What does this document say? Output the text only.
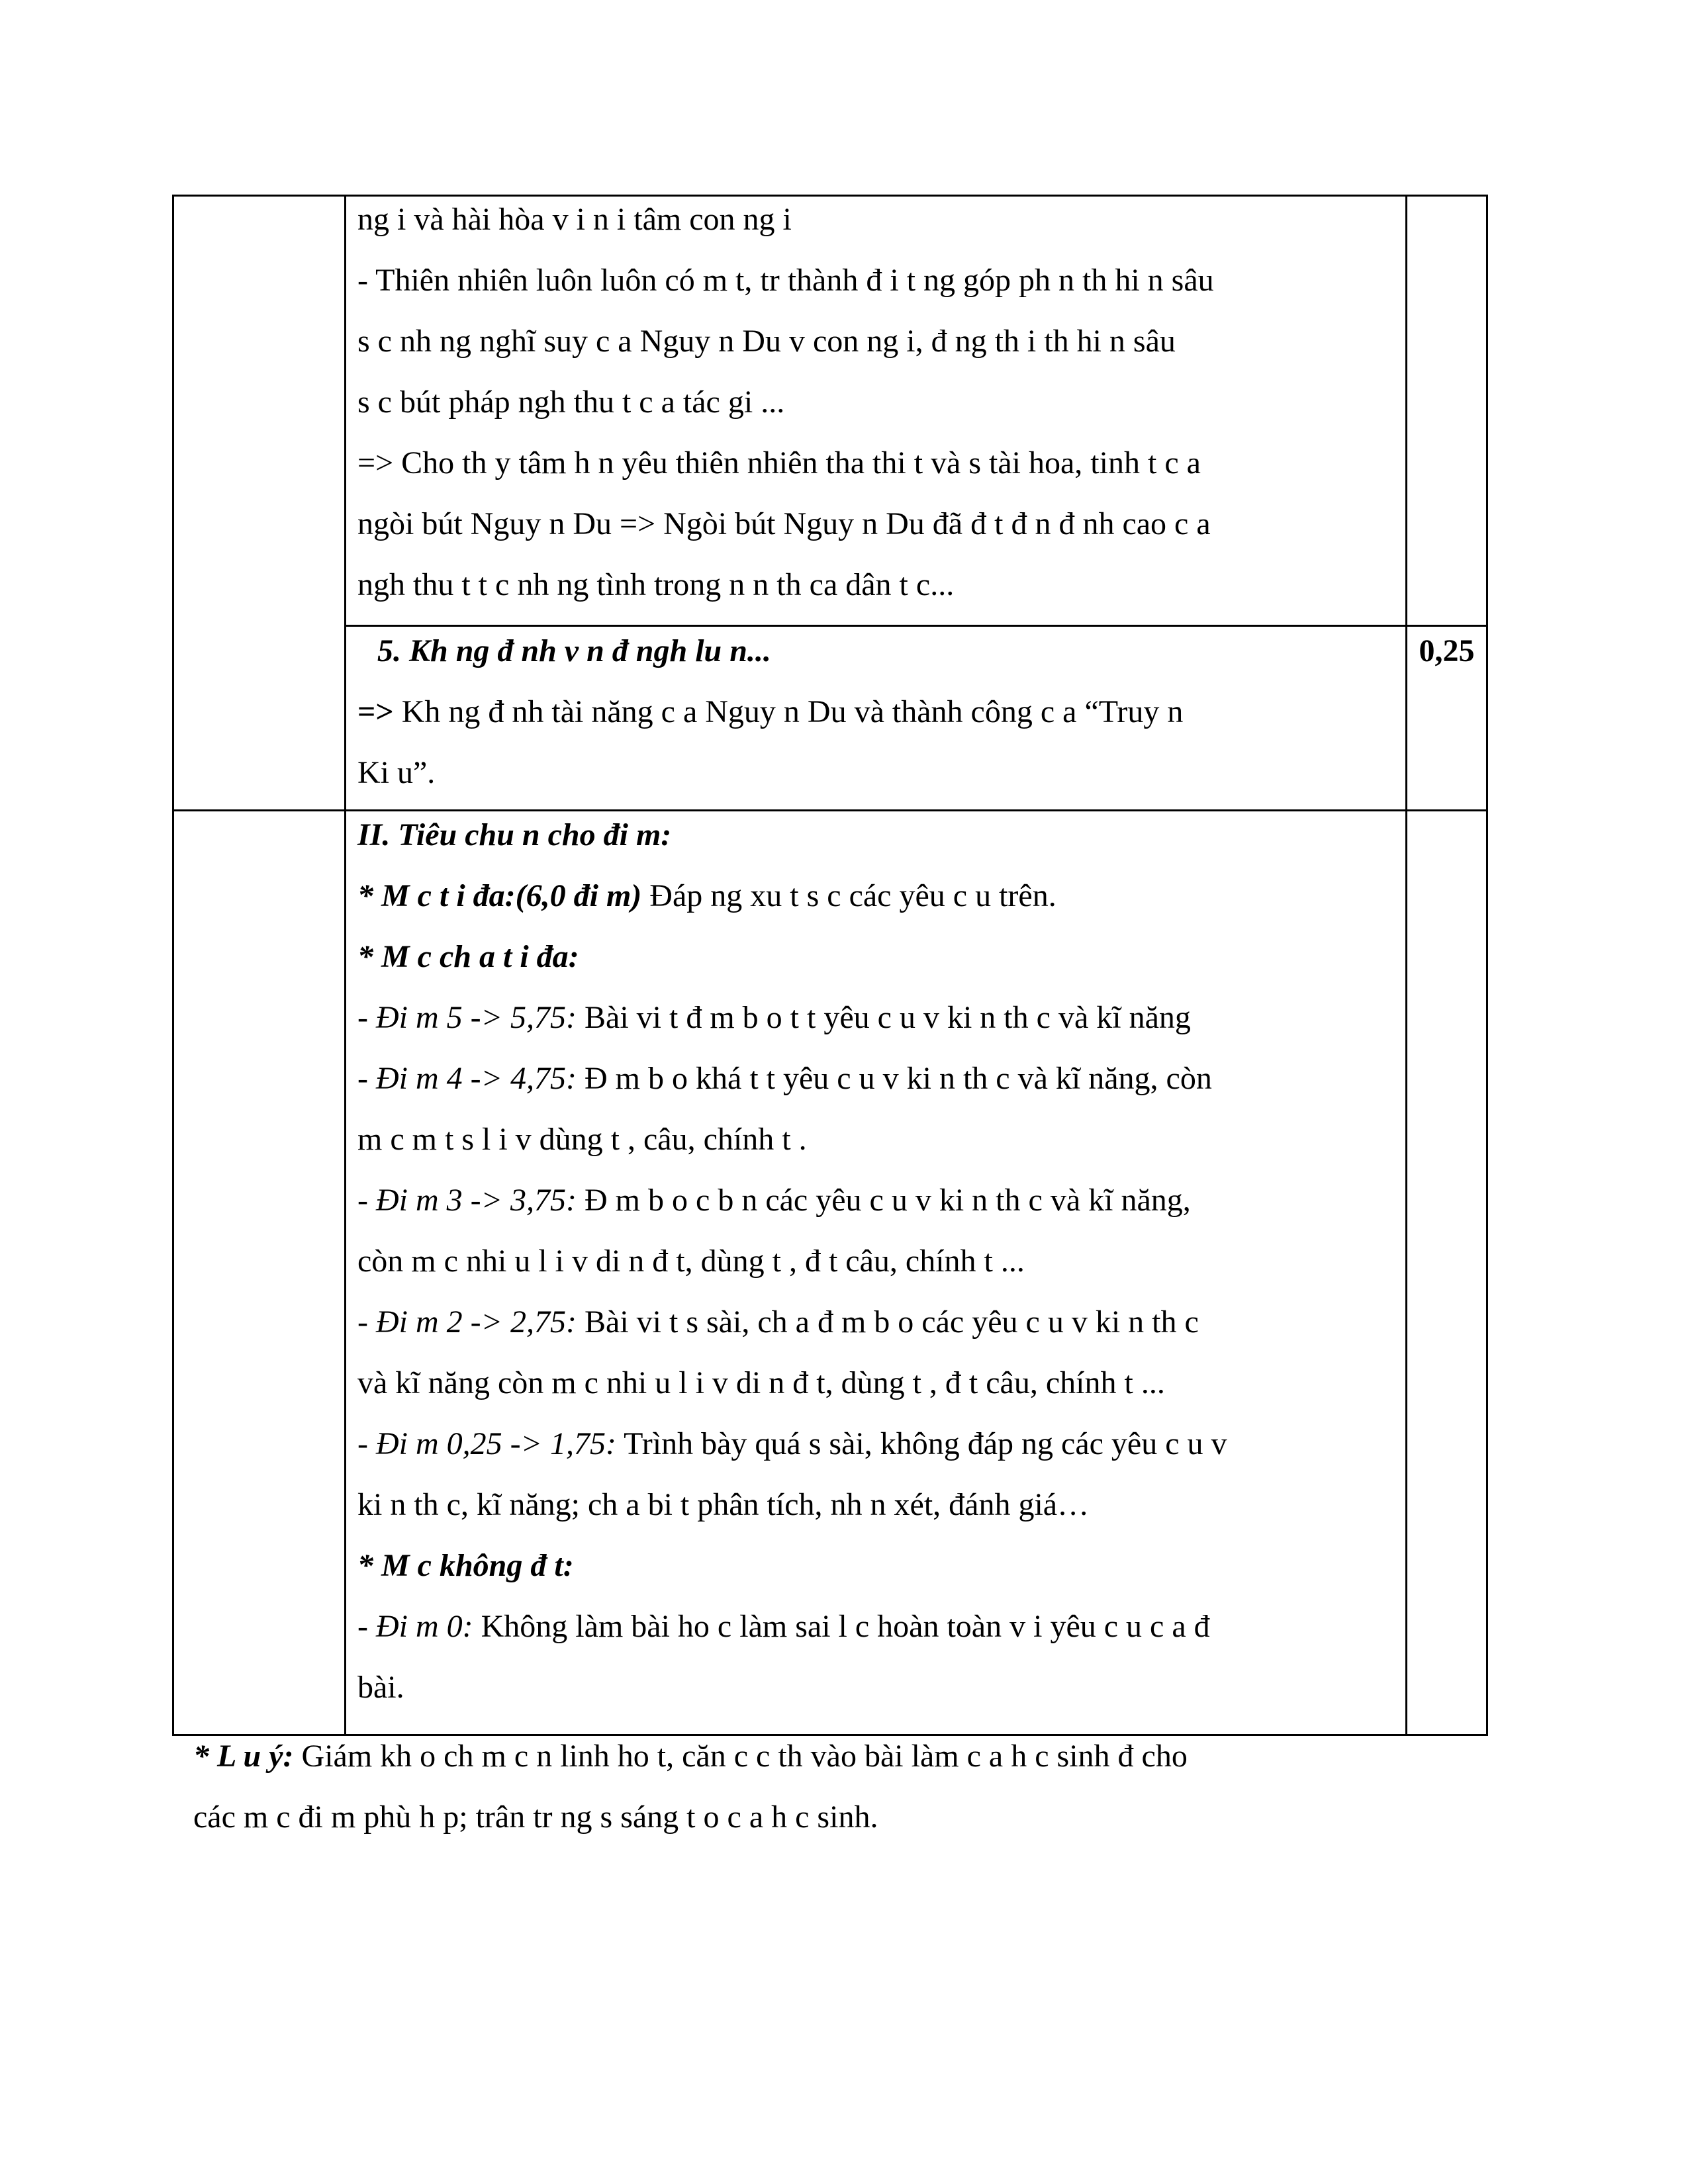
ng i và hài hòa v i n i tâm con ng i
- Thiên nhiên luôn luôn có m t, tr thành đ i t ng góp ph n th hi n sâu
s c nh ng nghĩ suy c a Nguy n Du v con ng i, đ ng th i th hi n sâu
s c bút pháp ngh thu t c a tác gi ...
=> Cho th y tâm h n yêu thiên nhiên tha thi t và s tài hoa, tinh t c a
ngòi bút Nguy n Du => Ngòi bút Nguy n Du đã đ t đ n đ nh cao c a
ngh thu t t c nh ng tình trong n n th ca dân t c...
5. Kh ng đ nh v n đ ngh lu n...
=> Kh ng đ nh tài năng c a Nguy n Du và thành công c a “Truy n
Ki u”.
0,25
II. Tiêu chu n cho đi m:
* M c t i đa:(6,0 đi m) Đáp ng xu t s c các yêu c u trên.
* M c ch a t i đa:
- Đi m 5 -> 5,75: Bài vi t đ m b o t t yêu c u v ki n th c và kĩ năng
- Đi m 4 -> 4,75: Đ m b o khá t t yêu c u v ki n th c và kĩ năng, còn
m c m t s l i v dùng t , câu, chính t .
- Đi m 3 -> 3,75: Đ m b o c b n các yêu c u v ki n th c và kĩ năng,
còn m c nhi u l i v di n đ t, dùng t , đ t câu, chính t ...
- Đi m 2 -> 2,75: Bài vi t s sài, ch a đ m b o các yêu c u v ki n th c
và kĩ năng còn m c nhi u l i v di n đ t, dùng t , đ t câu, chính t ...
- Đi m 0,25 -> 1,75: Trình bày quá s sài, không đáp ng các yêu c u v
ki n th c, kĩ năng; ch a bi t phân tích, nh n xét, đánh giá…
* M c không đ t:
- Đi m 0: Không làm bài ho c làm sai l c hoàn toàn v i yêu c u c a đ
bài.
* L u ý: Giám kh o ch m c n linh ho t, căn c c th vào bài làm c a h c sinh đ cho
các m c đi m phù h p; trân tr ng s sáng t o c a h c sinh.
